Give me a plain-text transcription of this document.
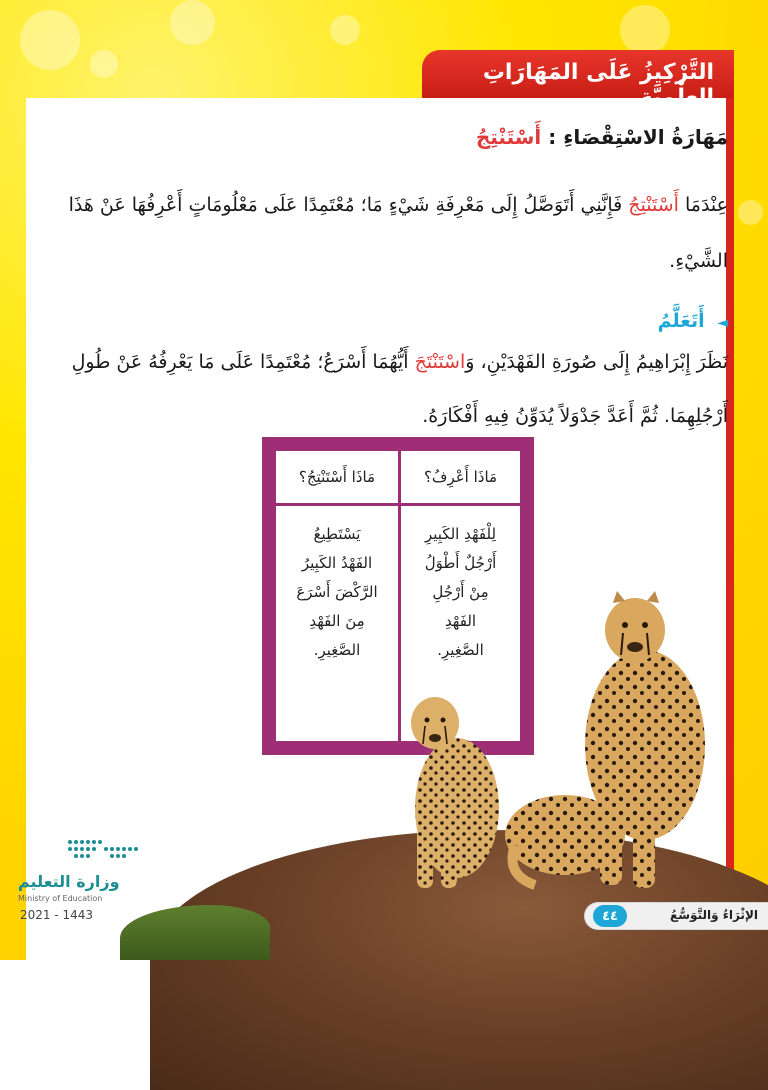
التَّرْكِيزُ عَلَى المَهَارَاتِ العِلْمِيَّةِ
مَهَارَةُ الاسْتِقْصَاءِ : أَسْتَنْتِجُ
عِنْدَمَا أَسْتَنْتِجُ فَإِنَّنِي أَتَوَصَّلُ إِلَى مَعْرِفَةِ شَيْءٍ مَا؛ مُعْتَمِدًا عَلَى مَعْلُومَاتٍ أَعْرِفُهَا عَنْ هَذَا الشَّيْءِ.
◄ أَتَعَلَّمُ
نَظَرَ إِبْرَاهِيمُ إِلَى صُورَةِ الفَهْدَيْنِ، وَاسْتَنْتَجَ أَيُّهُمَا أَسْرَعُ؛ مُعْتَمِدًا عَلَى مَا يَعْرِفُهُ عَنْ طُولِ أَرْجُلِهِمَا. ثُمَّ أَعَدَّ جَدْوَلاً يُدَوِّنُ فِيهِ أَفْكَارَهُ.
مَاذَا أَعْرِفُ؟
لِلْفَهْدِ الكَبِيرِ
أَرْجُلٌ أَطْوَلُ
مِنْ أَرْجُلِ
الفَهْدِ
الصَّغِيرِ.
مَاذَا أَسْتَنْتِجُ؟
يَسْتَطِيعُ
الفَهْدُ الكَبِيرُ
الرَّكْضَ أَسْرَعَ
مِنَ الفَهْدِ
الصَّغِيرِ.
وزارة التعليم
Ministry of Education
2021 - 1443	الإثْرَاءُ وَالتَّوَسُّعُ
٤٤
